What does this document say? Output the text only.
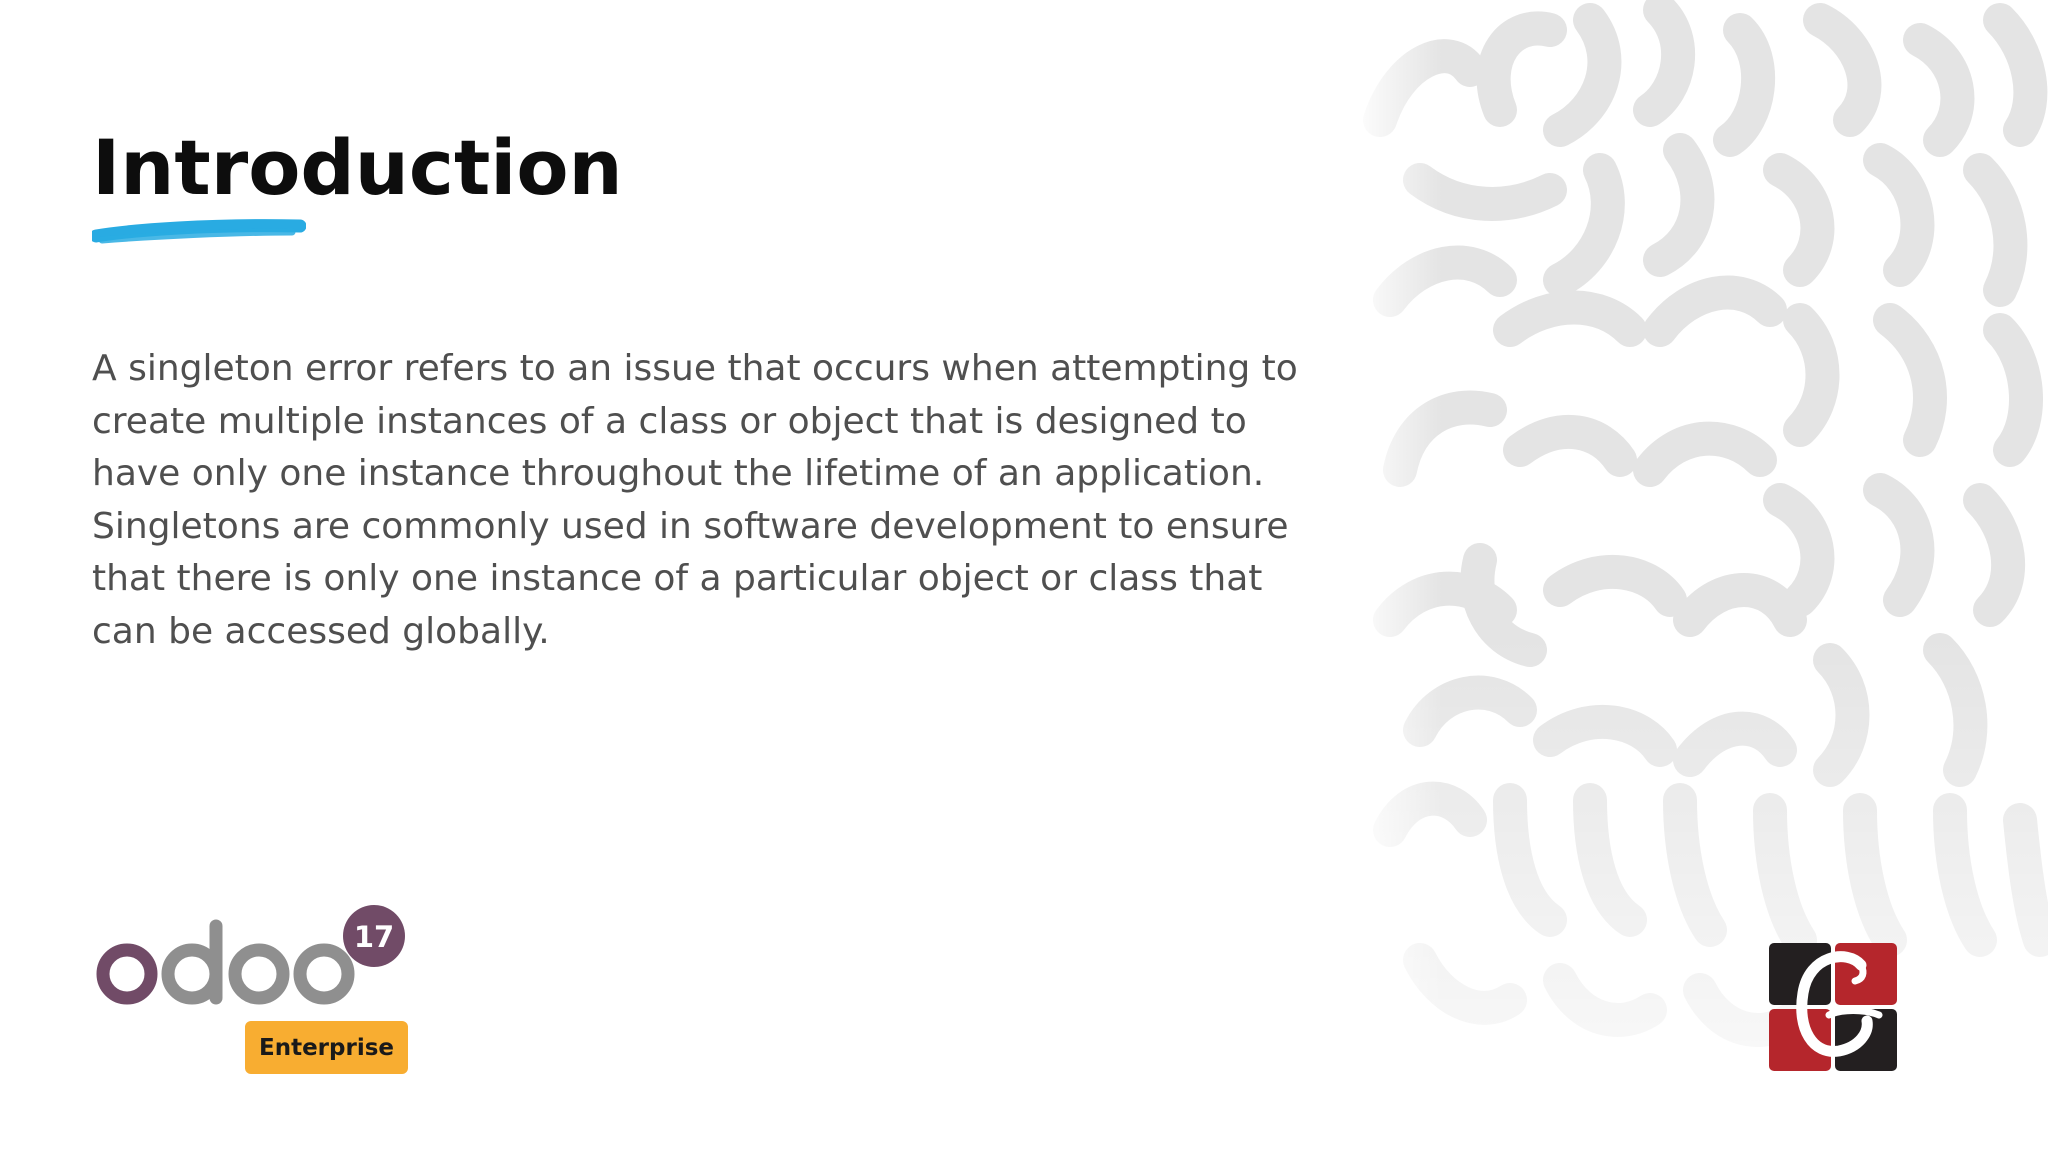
Introduction

A singleton error refers to an issue that occurs when attempting to create multiple instances of a class or object that is designed to have only one instance throughout the lifetime of an application. Singletons are commonly used in software development to ensure that there is only one instance of a particular object or class that can be accessed globally.

17
Enterprise
